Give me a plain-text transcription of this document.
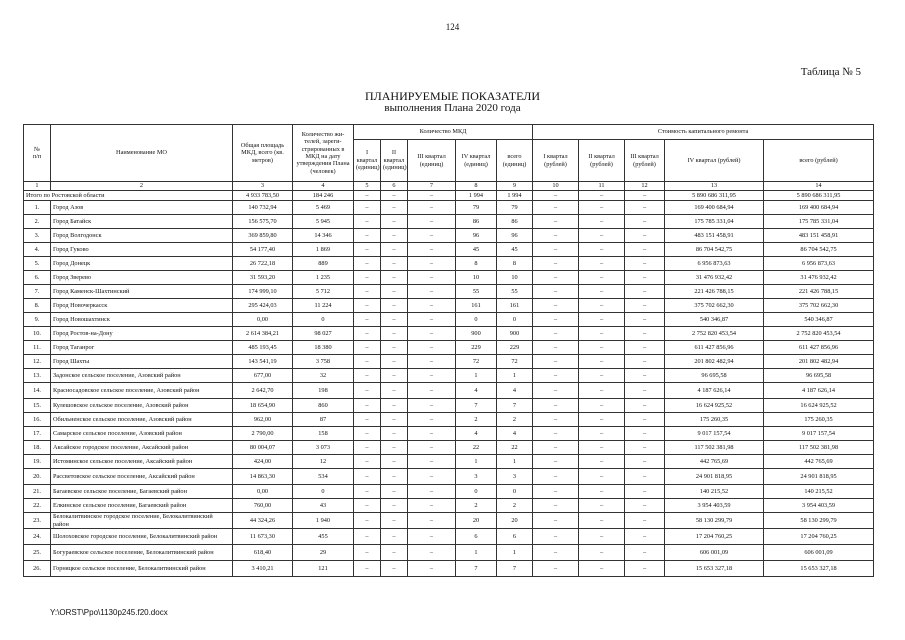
124
Таблица № 5
ПЛАНИРУЕМЫЕ ПОКАЗАТЕЛИ
выполнения Плана 2020 года
№
п/п	Наименование МО	Общая площадь МКД, всего (кв. метров)	Количество жи-телей, зареги-стрированных в МКД на дату утверждения Плана (человек)	Количество МКД					Стоимость капитального ремонта				
				I квартал (единиц)	II квартал (единиц)	III квартал (единиц)	IV квартал (единиц)	всего (единиц)	I квартал (рублей)	II квартал (рублей)	III квартал (рублей)	IV квартал (рублей)	всего (рублей)
1	2	3	4	5	6	7	8	9	10	11	12	13	14
Итого по Ростовской области		4 933 783,50	184 246	–	–	–	1 994	1 994	–	–	–	5 890 686 311,95	5 890 686 311,95
1.	Город Азов	140 732,94	5 469	–	–	–	79	79	–	–	–	169 400 684,94	169 400 684,94
2.	Город Батайск	156 575,70	5 945	–	–	–	86	86	–	–	–	175 785 331,04	175 785 331,04
3.	Город Волгодонск	369 859,80	14 346	–	–	–	96	96	–	–	–	483 151 458,91	483 151 458,91
4.	Город Гуково	54 177,40	1 869	–	–	–	45	45	–	–	–	86 704 542,75	86 704 542,75
5.	Город Донецк	26 722,18	889	–	–	–	8	8	–	–	–	6 956 873,63	6 956 873,63
6.	Город Зверево	31 593,20	1 235	–	–	–	10	10	–	–	–	31 476 932,42	31 476 932,42
7.	Город Каменск-Шахтинский	174 999,10	5 712	–	–	–	55	55	–	–	–	221 426 788,15	221 426 788,15
8.	Город Новочеркасск	295 424,03	11 224	–	–	–	161	161	–	–	–	375 702 662,30	375 702 662,30
9.	Город Новошахтинск	0,00	0	–	–	–	0	0	–	–	–	540 346,87	540 346,87
10.	Город Ростов-на-Дону	2 614 384,21	98 027	–	–	–	900	900	–	–	–	2 752 820 453,54	2 752 820 453,54
11.	Город Таганрог	485 193,45	18 380	–	–	–	229	229	–	–	–	611 427 856,96	611 427 856,96
12.	Город Шахты	143 541,19	3 758	–	–	–	72	72	–	–	–	201 802 482,94	201 802 482,94
13.	Задонское сельское поселение, Азовский район	677,00	32	–	–	–	1	1	–	–	–	96 695,58	96 695,58
14.	Красносадовское сельское поселение, Азовский район	2 642,70	198	–	–	–	4	4	–	–	–	4 187 626,14	4 187 626,14
15.	Кулешовское сельское поселение, Азовский район	18 654,90	860	–	–	–	7	7	–	–	–	16 624 925,52	16 624 925,52
16.	Обильненское сельское поселение, Азовский район	962,00	87	–	–	–	2	2	–	–	–	175 260,35	175 260,35
17.	Самарское сельское поселение, Азовский район	2 790,00	158	–	–	–	4	4	–	–	–	9 017 157,54	9 017 157,54
18.	Аксайское городское поселение, Аксайский район	80 004,07	3 073	–	–	–	22	22	–	–	–	117 502 381,98	117 502 381,98
19.	Истоминское сельское поселение, Аксайский район	424,00	12	–	–	–	1	1	–	–	–	442 765,69	442 765,69
20.	Рассветовское сельское поселение, Аксайский район	14 863,30	534	–	–	–	3	3	–	–	–	24 901 818,95	24 901 818,95
21.	Багаевское сельское поселение, Багаевский район	0,00	0	–	–	–	0	0	–	–	–	140 215,52	140 215,52
22.	Елкинское сельское поселение, Багаевский район	760,00	43	–	–	–	2	2	–	–	–	3 954 403,59	3 954 403,59
23.	Белокалитвинское городское поселение, Белокалитвинский район	44 324,26	1 940	–	–	–	20	20	–	–	–	58 130 299,79	58 130 299,79
24.	Шолоховское городское поселение, Белокалитвинский район	11 673,30	455	–	–	–	6	6	–	–	–	17 204 760,25	17 204 760,25
25.	Богураевское сельское поселение, Белокалитвинский район	618,40	29	–	–	–	1	1	–	–	–	606 001,09	606 001,09
26.	Горняцкое сельское поселение, Белокалитвинский район	3 410,21	121	–	–	–	7	7	–	–	–	15 653 327,18	15 653 327,18
Y:\ORST\Ppo\1130p245.f20.docx
